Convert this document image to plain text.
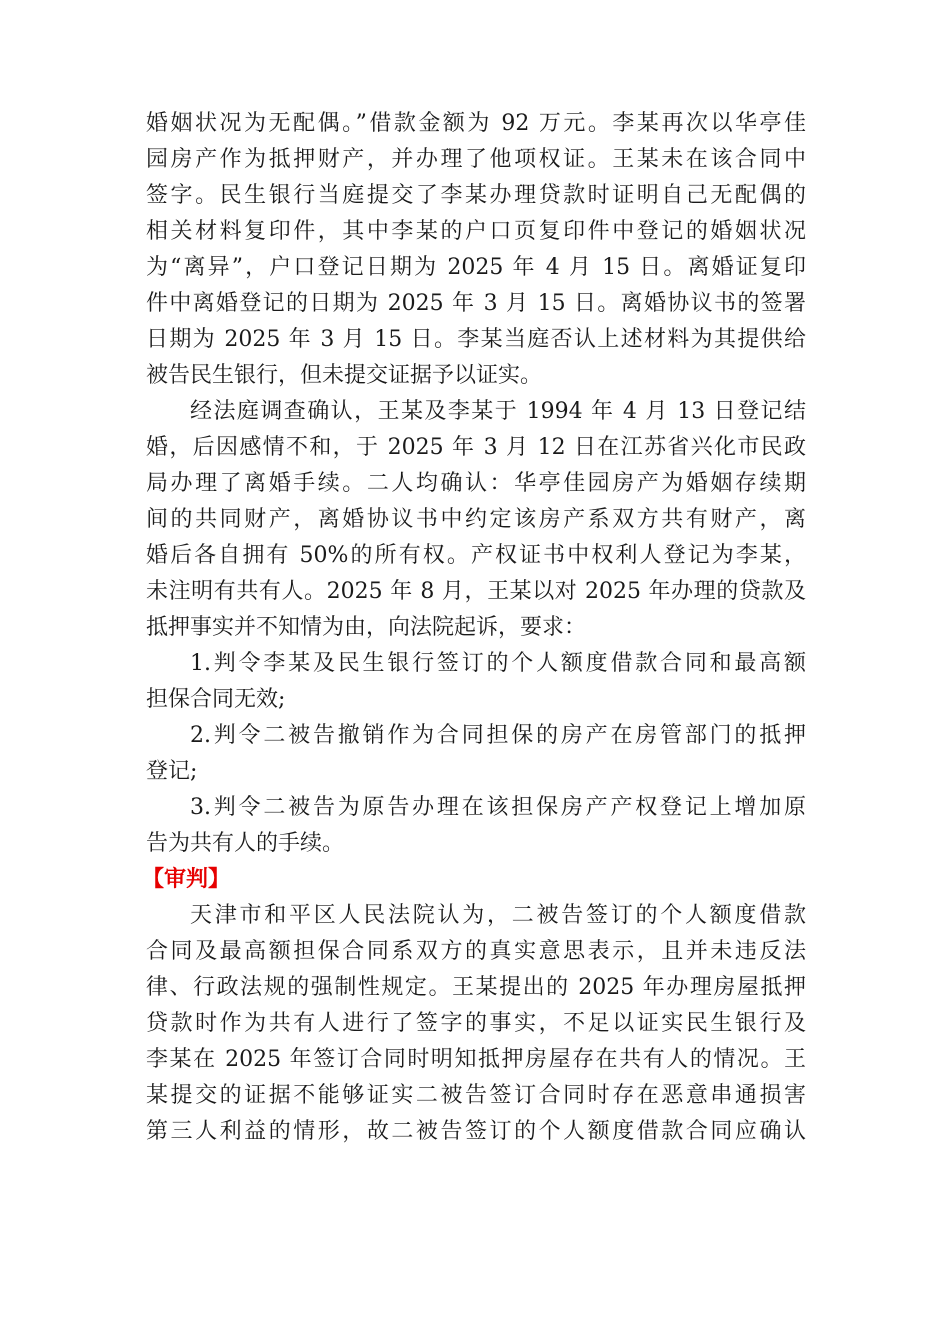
婚姻状况为无配偶。”借款金额为 92 万元。李某再次以华亭佳
园房产作为抵押财产，并办理了他项权证。王某未在该合同中
签字。民生银行当庭提交了李某办理贷款时证明自己无配偶的
相关材料复印件，其中李某的户口页复印件中登记的婚姻状况
为“离异”，户口登记日期为 2025 年 4 月 15 日。离婚证复印
件中离婚登记的日期为 2025 年 3 月 15 日。离婚协议书的签署
日期为 2025 年 3 月 15 日。李某当庭否认上述材料为其提供给
被告民生银行，但未提交证据予以证实。
经法庭调查确认，王某及李某于 1994 年 4 月 13 日登记结
婚，后因感情不和，于 2025 年 3 月 12 日在江苏省兴化市民政
局办理了离婚手续。二人均确认：华亭佳园房产为婚姻存续期
间的共同财产，离婚协议书中约定该房产系双方共有财产，离
婚后各自拥有 50%的所有权。产权证书中权利人登记为李某，
未注明有共有人。2025 年 8 月，王某以对 2025 年办理的贷款及
抵押事实并不知情为由，向法院起诉，要求：
1.判令李某及民生银行签订的个人额度借款合同和最高额
担保合同无效;
2.判令二被告撤销作为合同担保的房产在房管部门的抵押
登记;
3.判令二被告为原告办理在该担保房产产权登记上增加原
告为共有人的手续。
【审判】
天津市和平区人民法院认为，二被告签订的个人额度借款
合同及最高额担保合同系双方的真实意思表示，且并未违反法
律、行政法规的强制性规定。王某提出的 2025 年办理房屋抵押
贷款时作为共有人进行了签字的事实，不足以证实民生银行及
李某在 2025 年签订合同时明知抵押房屋存在共有人的情况。王
某提交的证据不能够证实二被告签订合同时存在恶意串通损害
第三人利益的情形，故二被告签订的个人额度借款合同应确认
